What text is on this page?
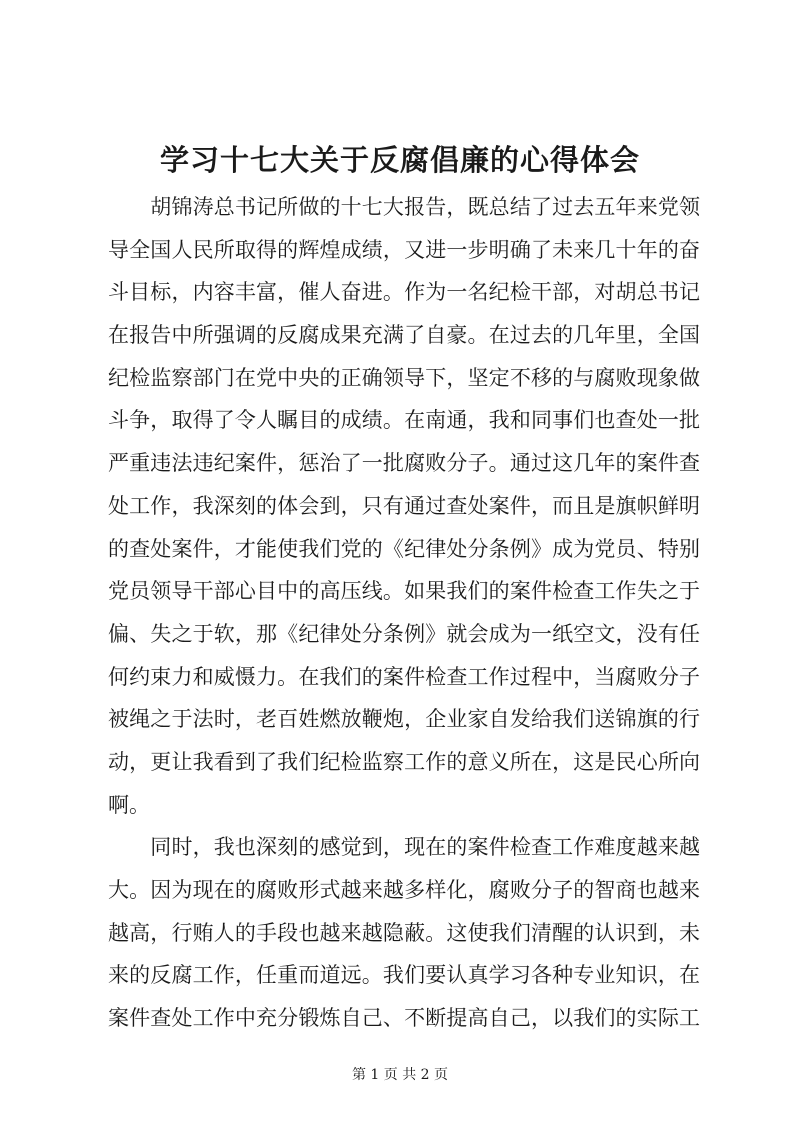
学习十七大关于反腐倡廉的心得体会
　　胡锦涛总书记所做的十七大报告，既总结了过去五年来党领
导全国人民所取得的辉煌成绩，又进一步明确了未来几十年的奋
斗目标，内容丰富，催人奋进。作为一名纪检干部，对胡总书记
在报告中所强调的反腐成果充满了自豪。在过去的几年里，全国
纪检监察部门在党中央的正确领导下，坚定不移的与腐败现象做
斗争，取得了令人瞩目的成绩。在南通，我和同事们也查处一批
严重违法违纪案件，惩治了一批腐败分子。通过这几年的案件查
处工作，我深刻的体会到，只有通过查处案件，而且是旗帜鲜明
的查处案件，才能使我们党的《纪律处分条例》成为党员、特别
党员领导干部心目中的高压线。如果我们的案件检查工作失之于
偏、失之于软，那《纪律处分条例》就会成为一纸空文，没有任
何约束力和威慑力。在我们的案件检查工作过程中，当腐败分子
被绳之于法时，老百姓燃放鞭炮，企业家自发给我们送锦旗的行
动，更让我看到了我们纪检监察工作的意义所在，这是民心所向
啊。
　　同时，我也深刻的感觉到，现在的案件检查工作难度越来越
大。因为现在的腐败形式越来越多样化，腐败分子的智商也越来
越高，行贿人的手段也越来越隐蔽。这使我们清醒的认识到，未
来的反腐工作，任重而道远。我们要认真学习各种专业知识，在
案件查处工作中充分锻炼自己、不断提高自己，以我们的实际工
第 1 页 共 2 页
